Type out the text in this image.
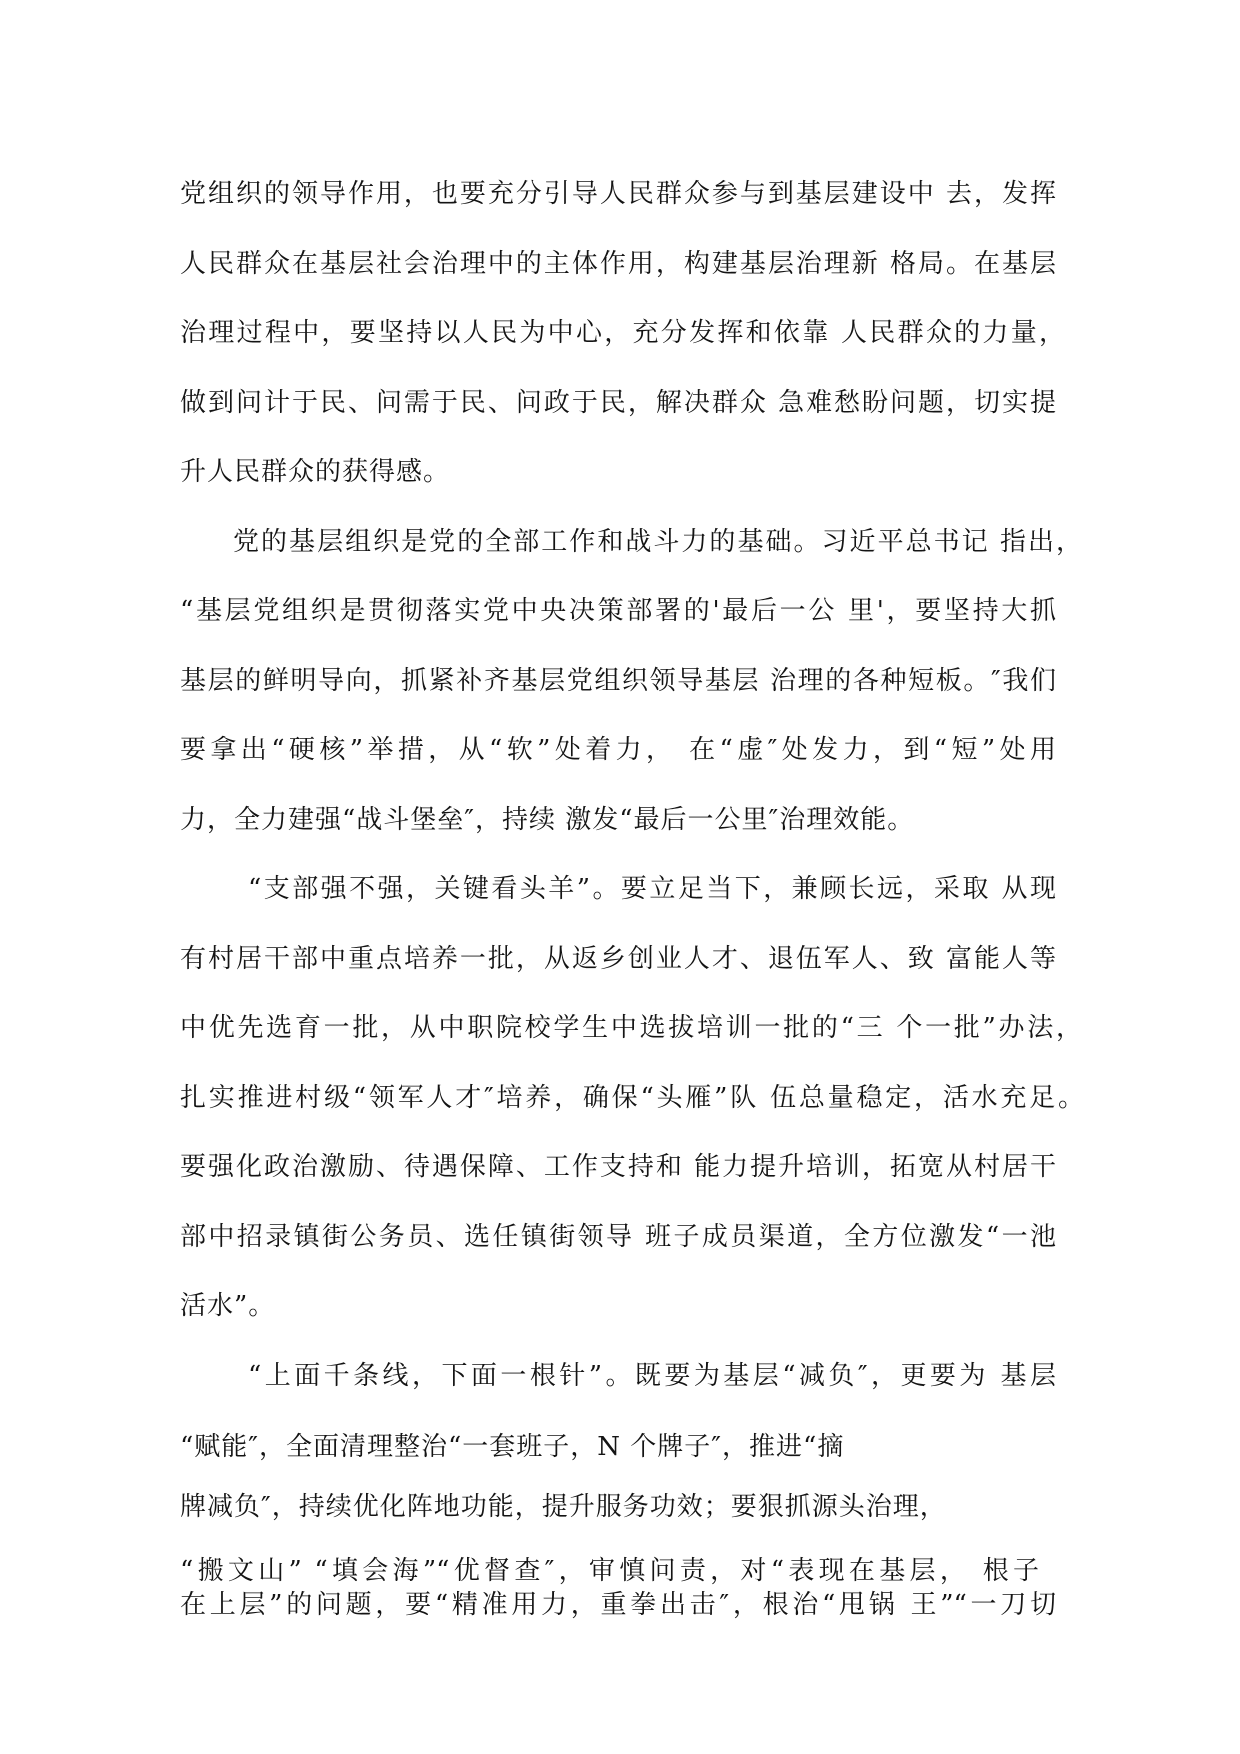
党组织的领导作用，也要充分引导人民群众参与到基层建设中 去，发挥
人民群众在基层社会治理中的主体作用，构建基层治理新 格局。在基层
治理过程中，要坚持以人民为中心，充分发挥和依靠 人民群众的力量，
做到问计于民、问需于民、问政于民，解决群众 急难愁盼问题，切实提
升人民群众的获得感。
党的基层组织是党的全部工作和战斗力的基础。习近平总书记 指出，
“基层党组织是贯彻落实党中央决策部署的'最后一公 里'，要坚持大抓
基层的鲜明导向，抓紧补齐基层党组织领导基层 治理的各种短板。″我们
要拿出“硬核”举措，从“软”处着力， 在“虚″处发力，到“短”处用
力，全力建强“战斗堡垒″，持续 激发“最后一公里″治理效能。
“支部强不强，关键看头羊”。要立足当下，兼顾长远，采取 从现
有村居干部中重点培养一批，从返乡创业人才、退伍军人、致 富能人等
中优先选育一批，从中职院校学生中选拔培训一批的“三 个一批”办法，
扎实推进村级“领军人才″培养，确保“头雁”队 伍总量稳定，活水充足。
要强化政治激励、待遇保障、工作支持和 能力提升培训，拓宽从村居干
部中招录镇街公务员、选任镇街领导 班子成员渠道，全方位激发“一池
活水”。
“上面千条线，下面一根针”。既要为基层“减负″，更要为 基层
“赋能″，全面清理整治“一套班子，N 个牌子″，推进“摘
牌减负″，持续优化阵地功能，提升服务功效；要狠抓源头治理，
“搬文山” “填会海”“优督查″，审慎问责，对“表现在基层， 根子
在上层”的问题，要“精准用力，重拳出击″，根治“甩锅 王”“一刀切
